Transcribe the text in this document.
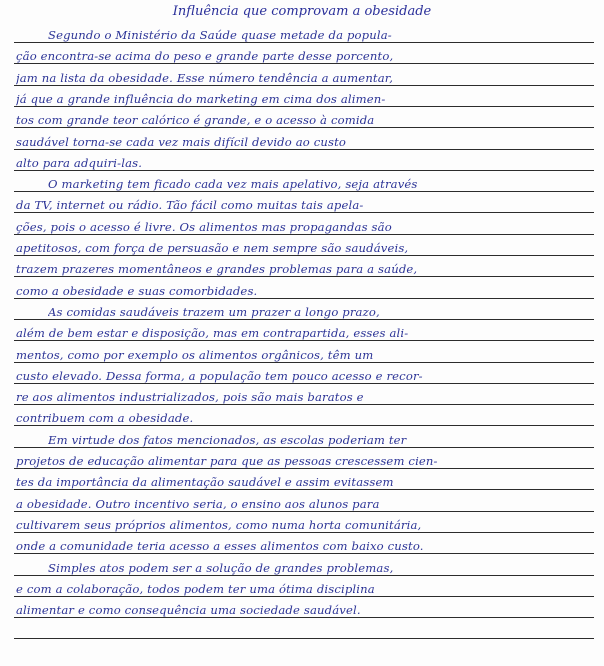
Influência que comprovam a obesidade
Segundo o Ministério da Saúde quase metade da popula-
ção encontra-se acima do peso e grande parte desse porcento,
jam na lista da obesidade. Esse número tendência a aumentar,
já que a grande influência do marketing em cima dos alimen-
tos com grande teor calórico é grande, e o acesso à comida
saudável torna-se cada vez mais difícil devido ao custo
alto para adquiri-las.
O marketing tem ficado cada vez mais apelativo, seja através
da TV, internet ou rádio. Tão fácil como muitas tais apela-
ções, pois o acesso é livre. Os alimentos mas propagandas são
apetitosos, com força de persuasão e nem sempre são saudáveis,
trazem prazeres momentâneos e grandes problemas para a saúde,
como a obesidade e suas comorbidades.
As comidas saudáveis trazem um prazer a longo prazo,
além de bem estar e disposição, mas em contrapartida, esses ali-
mentos, como por exemplo os alimentos orgânicos, têm um
custo elevado. Dessa forma, a população tem pouco acesso e recor-
re aos alimentos industrializados, pois são mais baratos e
contribuem com a obesidade.
Em virtude dos fatos mencionados, as escolas poderiam ter
projetos de educação alimentar para que as pessoas crescessem cien-
tes da importância da alimentação saudável e assim evitassem
a obesidade. Outro incentivo seria, o ensino aos alunos para
cultivarem seus próprios alimentos, como numa horta comunitária,
onde a comunidade teria acesso a esses alimentos com baixo custo.
Simples atos podem ser a solução de grandes problemas,
e com a colaboração, todos podem ter uma ótima disciplina
alimentar e como consequência uma sociedade saudável.
